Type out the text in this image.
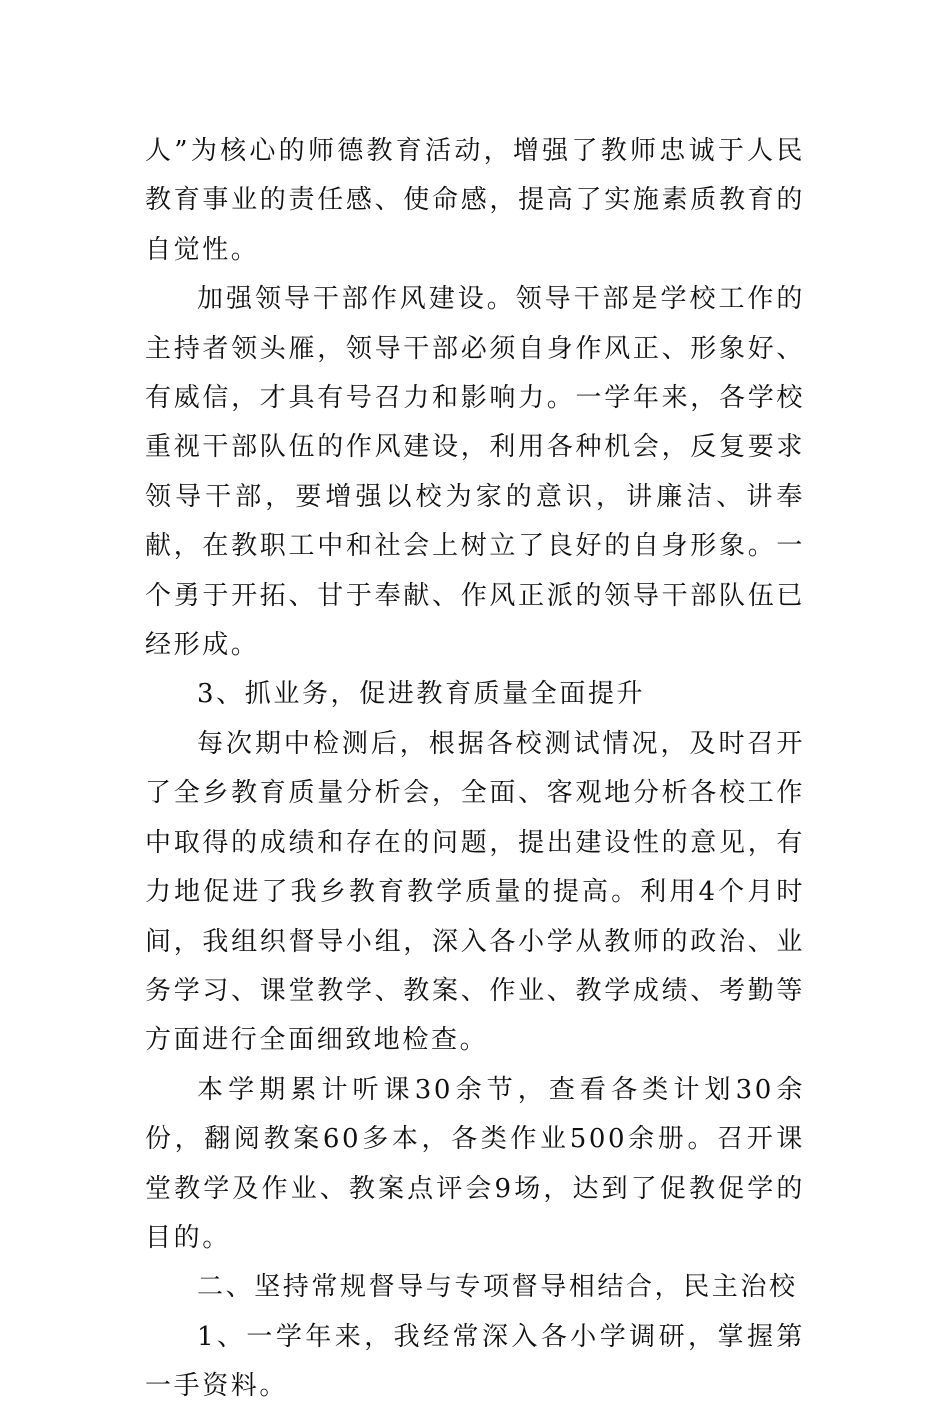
人”为核心的师德教育活动，增强了教师忠诚于人民教育事业的责任感、使命感，提高了实施素质教育的自觉性。

加强领导干部作风建设。领导干部是学校工作的主持者领头雁，领导干部必须自身作风正、形象好、有威信，才具有号召力和影响力。一学年来，各学校重视干部队伍的作风建设，利用各种机会，反复要求领导干部，要增强以校为家的意识，讲廉洁、讲奉献，在教职工中和社会上树立了良好的自身形象。一个勇于开拓、甘于奉献、作风正派的领导干部队伍已经形成。

3、抓业务，促进教育质量全面提升

每次期中检测后，根据各校测试情况，及时召开了全乡教育质量分析会，全面、客观地分析各校工作中取得的成绩和存在的问题，提出建设性的意见，有力地促进了我乡教育教学质量的提高。利用4个月时间，我组织督导小组，深入各小学从教师的政治、业务学习、课堂教学、教案、作业、教学成绩、考勤等方面进行全面细致地检查。

本学期累计听课30余节，查看各类计划30余份，翻阅教案60多本，各类作业500余册。召开课堂教学及作业、教案点评会9场，达到了促教促学的目的。

二、坚持常规督导与专项督导相结合，民主治校

1、一学年来，我经常深入各小学调研，掌握第一手资料。
